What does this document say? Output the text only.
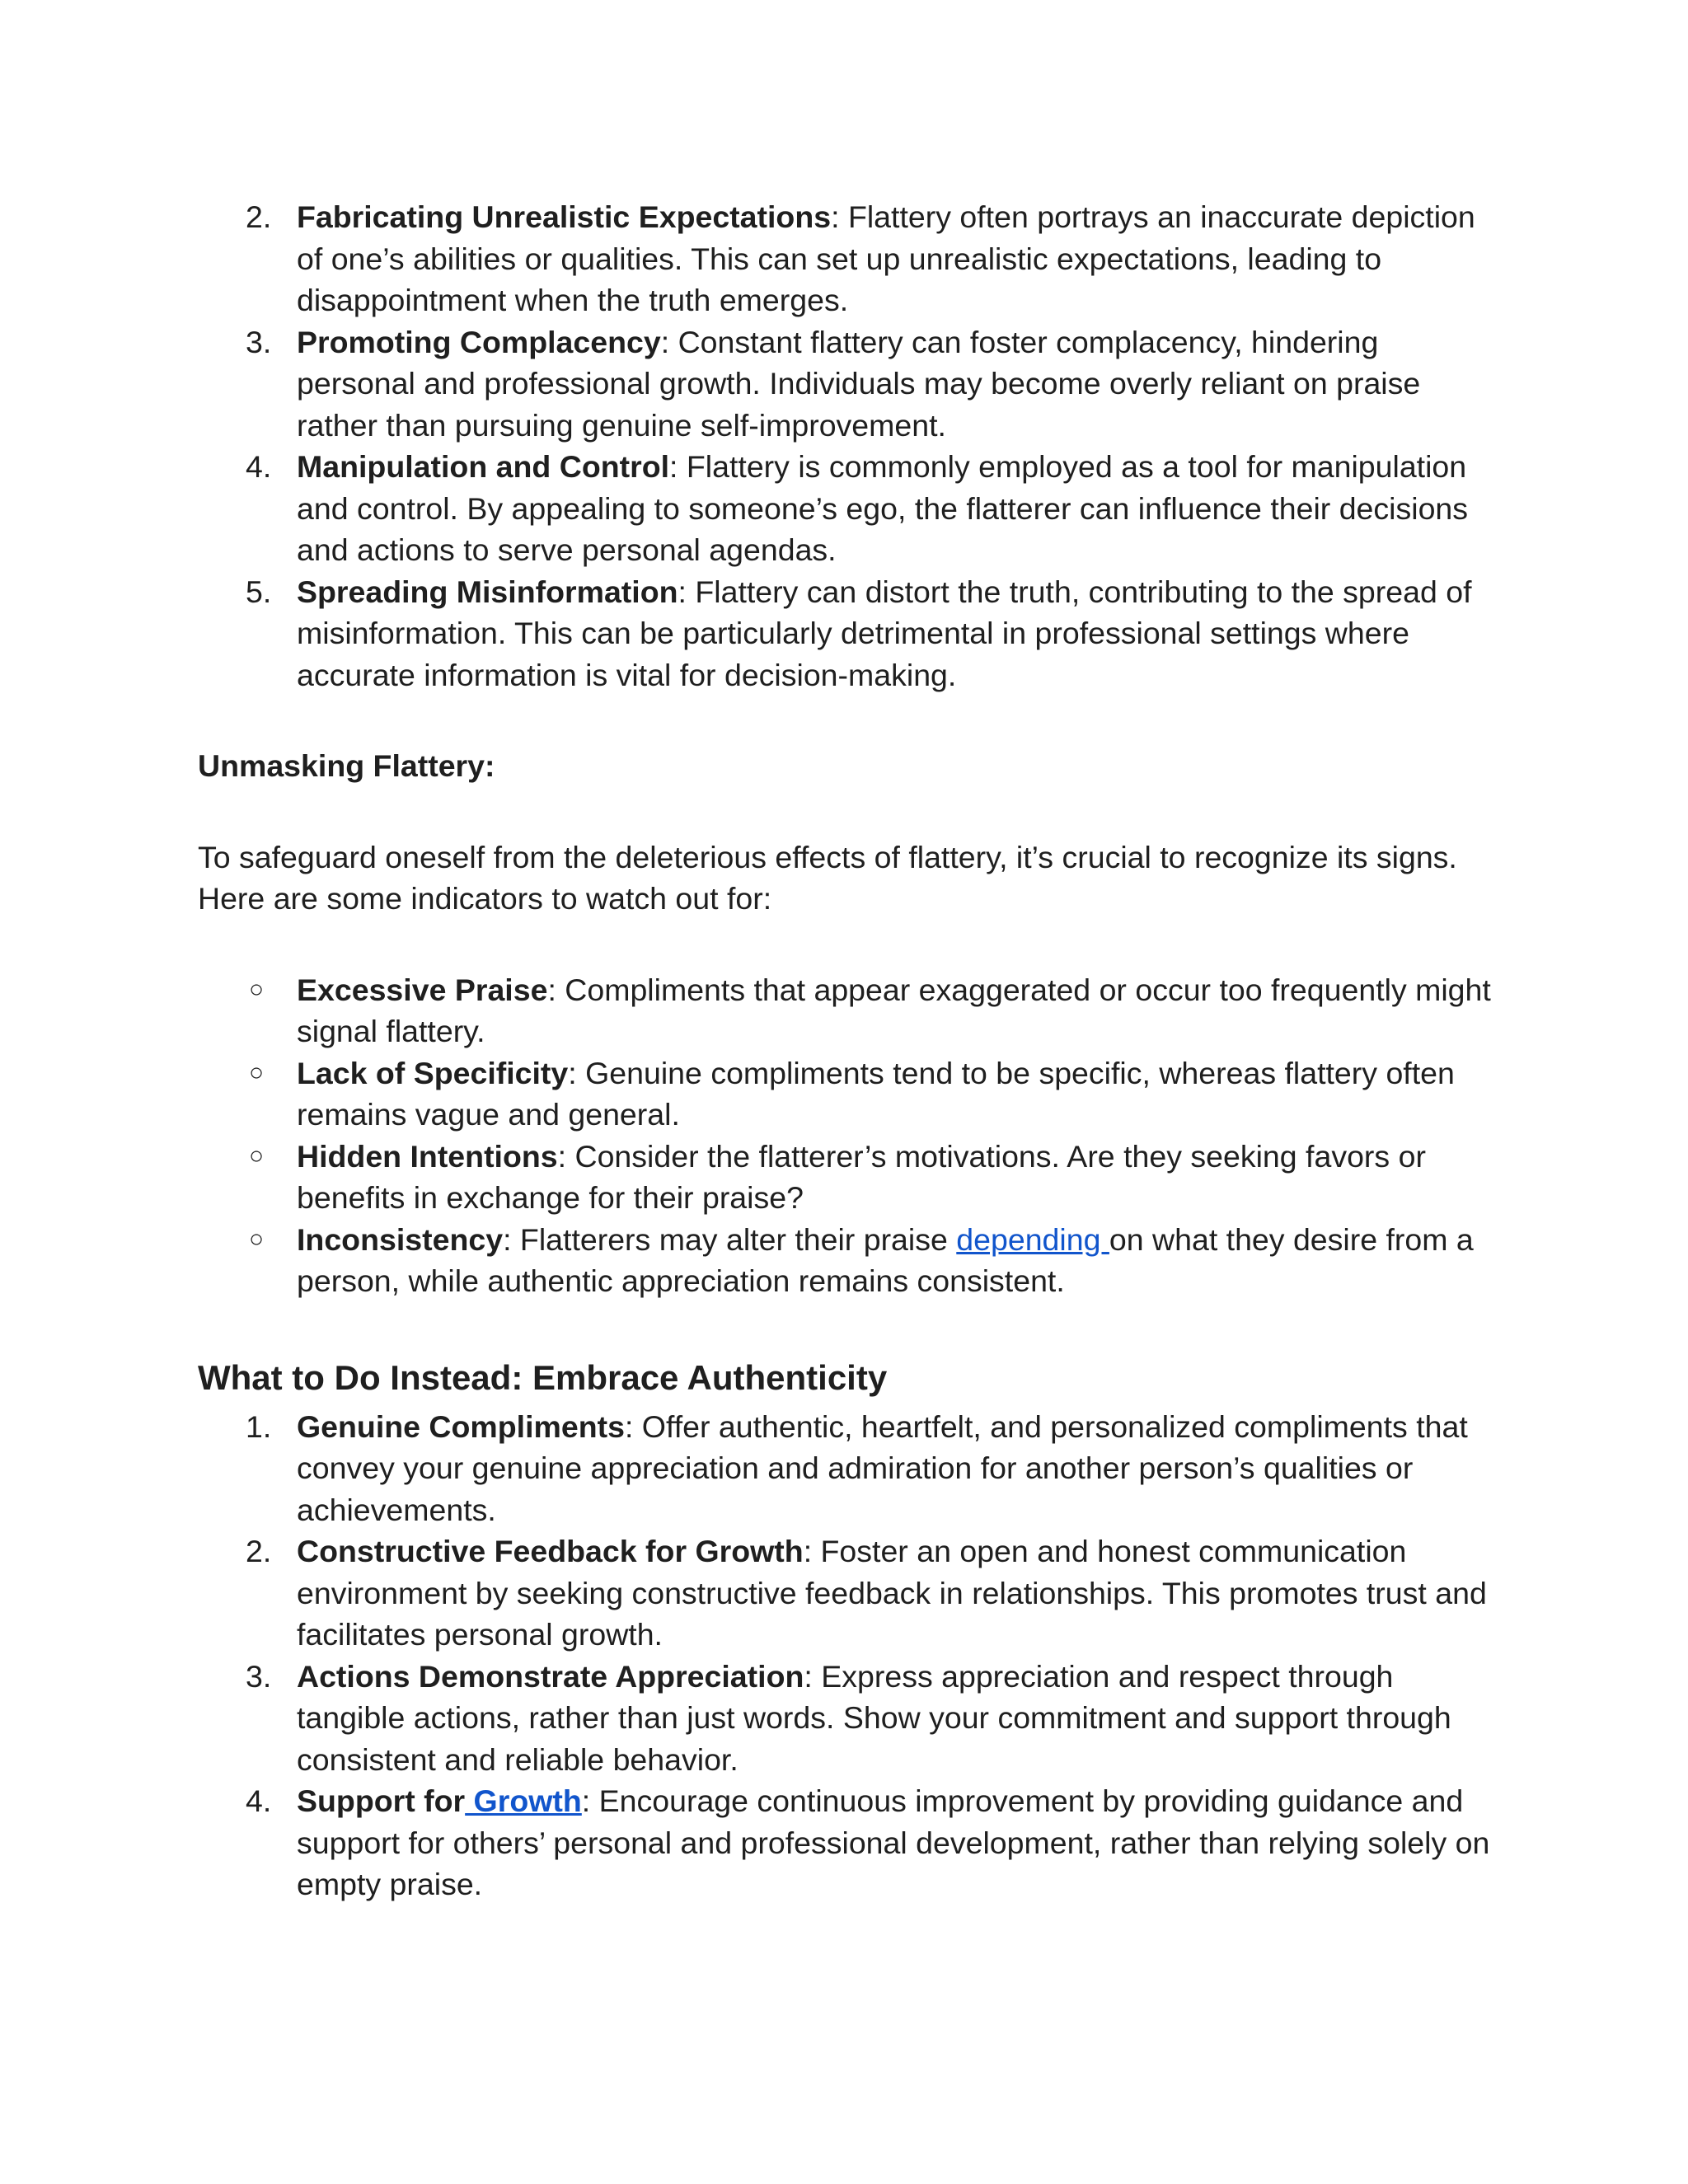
2. Fabricating Unrealistic Expectations: Flattery often portrays an inaccurate depiction of one’s abilities or qualities. This can set up unrealistic expectations, leading to disappointment when the truth emerges.
3. Promoting Complacency: Constant flattery can foster complacency, hindering personal and professional growth. Individuals may become overly reliant on praise rather than pursuing genuine self-improvement.
4. Manipulation and Control: Flattery is commonly employed as a tool for manipulation and control. By appealing to someone’s ego, the flatterer can influence their decisions and actions to serve personal agendas.
5. Spreading Misinformation: Flattery can distort the truth, contributing to the spread of misinformation. This can be particularly detrimental in professional settings where accurate information is vital for decision-making.
Unmasking Flattery:

To safeguard oneself from the deleterious effects of flattery, it’s crucial to recognize its signs. Here are some indicators to watch out for:

○ Excessive Praise: Compliments that appear exaggerated or occur too frequently might signal flattery.
○ Lack of Specificity: Genuine compliments tend to be specific, whereas flattery often remains vague and general.
○ Hidden Intentions: Consider the flatterer’s motivations. Are they seeking favors or benefits in exchange for their praise?
○ Inconsistency: Flatterers may alter their praise depending on what they desire from a person, while authentic appreciation remains consistent.
What to Do Instead: Embrace Authenticity
1. Genuine Compliments: Offer authentic, heartfelt, and personalized compliments that convey your genuine appreciation and admiration for another person’s qualities or achievements.
2. Constructive Feedback for Growth: Foster an open and honest communication environment by seeking constructive feedback in relationships. This promotes trust and facilitates personal growth.
3. Actions Demonstrate Appreciation: Express appreciation and respect through tangible actions, rather than just words. Show your commitment and support through consistent and reliable behavior.
4. Support for Growth: Encourage continuous improvement by providing guidance and support for others’ personal and professional development, rather than relying solely on empty praise.
